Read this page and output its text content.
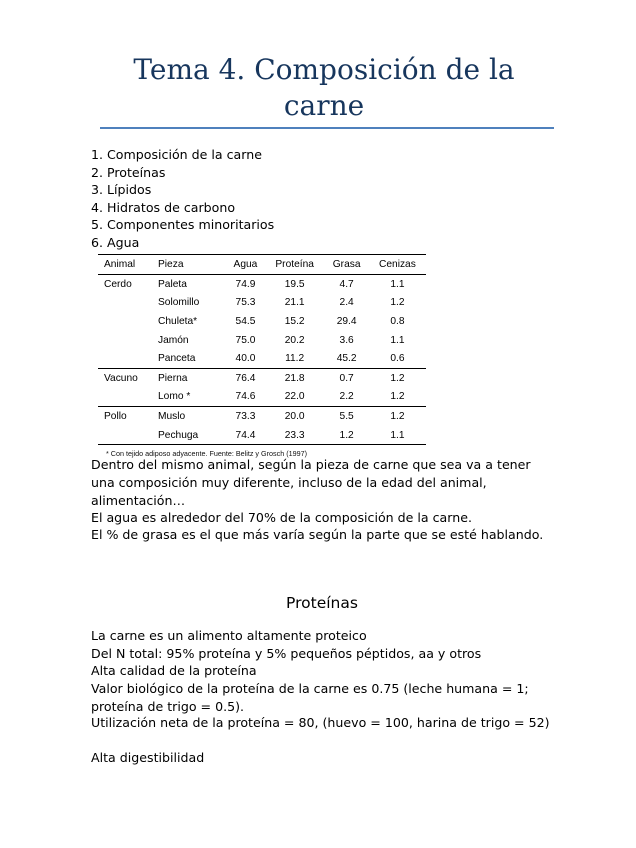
Tema 4. Composición de la carne
1. Composición de la carne
2. Proteínas
3. Lípidos
4. Hidratos de carbono
5. Componentes minoritarios
6. Agua
Animal	Pieza	Agua	Proteína	Grasa	Cenizas
Cerdo	Paleta	74.9	19.5	4.7	1.1
	Solomillo	75.3	21.1	2.4	1.2
	Chuleta*	54.5	15.2	29.4	0.8
	Jamón	75.0	20.2	3.6	1.1
	Panceta	40.0	11.2	45.2	0.6
Vacuno	Pierna	76.4	21.8	0.7	1.2
	Lomo *	74.6	22.0	2.2	1.2
Pollo	Muslo	73.3	20.0	5.5	1.2
	Pechuga	74.4	23.3	1.2	1.1
* Con tejido adiposo adyacente. Fuente: Belitz y Grosch (1997)

Dentro del mismo animal, según la pieza de carne que sea va a tener una composición muy diferente, incluso de la edad del animal, alimentación…

El agua es alrededor del 70% de la composición de la carne.

El % de grasa es el que más varía según la parte que se esté hablando.

Proteínas

La carne es un alimento altamente proteico

Del N total: 95% proteína y 5% pequeños péptidos, aa y otros

Alta calidad de la proteína

Valor biológico de la proteína de la carne es 0.75 (leche humana = 1; proteína de trigo = 0.5).

Utilización neta de la proteína = 80, (huevo = 100, harina de trigo = 52)

Alta digestibilidad
